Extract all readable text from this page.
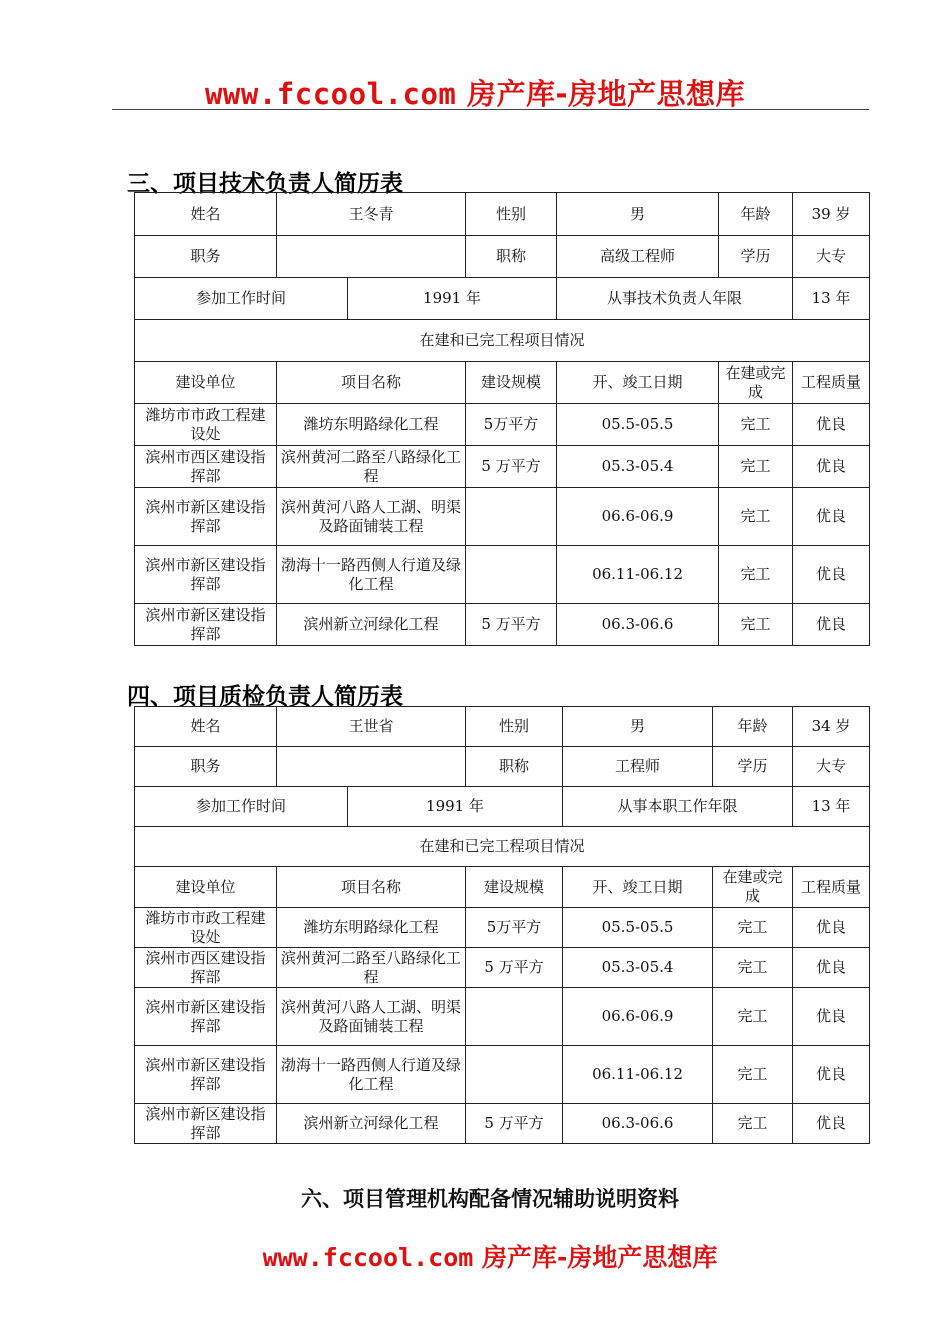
www.fccool.com 房产库-房地产思想库
三、项目技术负责人简历表
姓名	王冬青		性别	男	年龄	39 岁
职务			职称	高级工程师	学历	大专
参加工作时间		1991 年		从事技术负责人年限		13 年
在建和已完工程项目情况						
建设单位	项目名称		建设规模	开、竣工日期	在建或完成	工程质量
潍坊市市政工程建设处	潍坊东明路绿化工程		5万平方	05.5-05.5	完工	优良
滨州市西区建设指挥部	滨州黄河二路至八路绿化工程		5 万平方	05.3-05.4	完工	优良
滨州市新区建设指挥部	滨州黄河八路人工湖、明渠及路面铺装工程			06.6-06.9	完工	优良
滨州市新区建设指挥部	渤海十一路西侧人行道及绿化工程			06.11-06.12	完工	优良
滨州市新区建设指挥部	滨州新立河绿化工程		5 万平方	06.3-06.6	完工	优良
四、项目质检负责人简历表
姓名	王世省		性别	男	年龄	34 岁
职务			职称	工程师	学历	大专
参加工作时间		1991 年		从事本职工作年限		13 年
在建和已完工程项目情况						
建设单位	项目名称		建设规模	开、竣工日期	在建或完成	工程质量
潍坊市市政工程建设处	潍坊东明路绿化工程		5万平方	05.5-05.5	完工	优良
滨州市西区建设指挥部	滨州黄河二路至八路绿化工程		5 万平方	05.3-05.4	完工	优良
滨州市新区建设指挥部	滨州黄河八路人工湖、明渠及路面铺装工程			06.6-06.9	完工	优良
滨州市新区建设指挥部	渤海十一路西侧人行道及绿化工程			06.11-06.12	完工	优良
滨州市新区建设指挥部	滨州新立河绿化工程		5 万平方	06.3-06.6	完工	优良
六、项目管理机构配备情况辅助说明资料
www.fccool.com 房产库-房地产思想库
